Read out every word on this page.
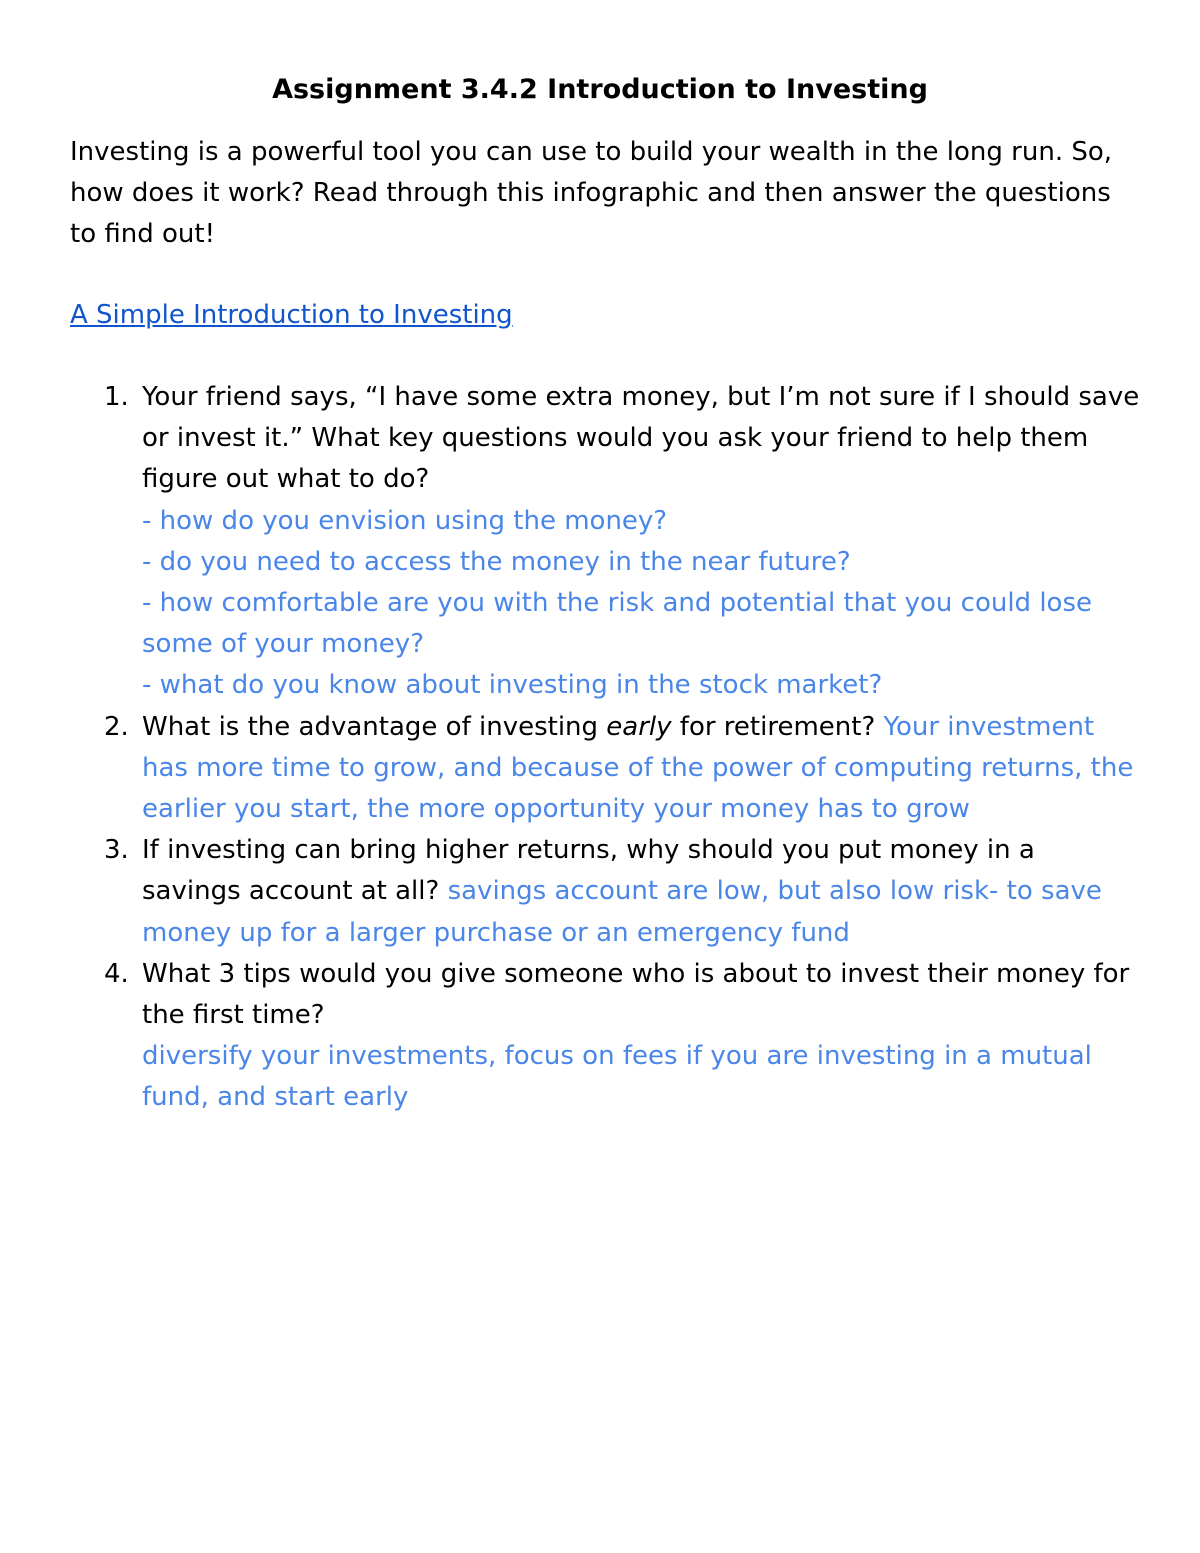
Assignment 3.4.2 Introduction to Investing

Investing is a powerful tool you can use to build your wealth in the long run. So, how does it work? Read through this infographic and then answer the questions to find out!

A Simple Introduction to Investing

1. Your friend says, “I have some extra money, but I’m not sure if I should save or invest it.” What key questions would you ask your friend to help them figure out what to do?
- how do you envision using the money?
- do you need to access the money in the near future?
- how comfortable are you with the risk and potential that you could lose some of your money?
- what do you know about investing in the stock market?
2. What is the advantage of investing early for retirement? Your investment has more time to grow, and because of the power of computing returns, the earlier you start, the more opportunity your money has to grow
3. If investing can bring higher returns, why should you put money in a savings account at all? savings account are low, but also low risk- to save money up for a larger purchase or an emergency fund
4. What 3 tips would you give someone who is about to invest their money for the first time?
diversify your investments, focus on fees if you are investing in a mutual fund, and start early
